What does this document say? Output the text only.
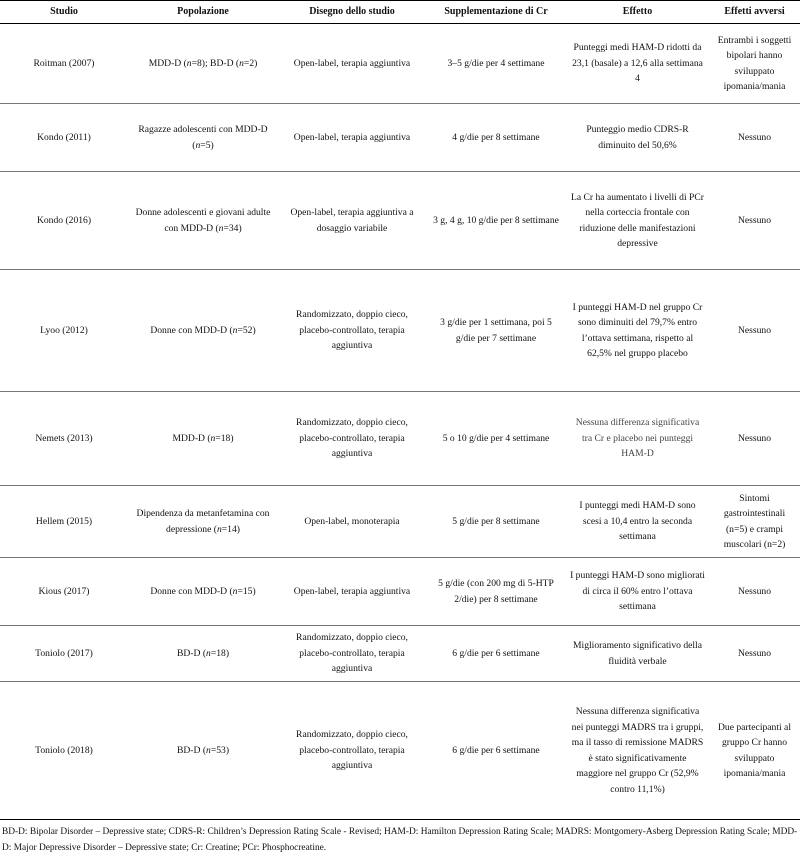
Studio	Popolazione	Disegno dello studio	Supplementazione di Cr	Effetto	Effetti avversi
Roitman (2007)	MDD-D (n=8); BD-D (n=2)	Open-label, terapia aggiuntiva	3–5 g/die per 4 settimane	Punteggi medi HAM-D ridotti da 23,1 (basale) a 12,6 alla settimana 4	Entrambi i soggetti bipolari hanno sviluppato ipomania/mania
Kondo (2011)	Ragazze adolescenti con MDD-D (n=5)	Open-label, terapia aggiuntiva	4 g/die per 8 settimane	Punteggio medio CDRS-R diminuito del 50,6%	Nessuno
Kondo (2016)	Donne adolescenti e giovani adulte con MDD-D (n=34)	Open-label, terapia aggiuntiva a dosaggio variabile	3 g, 4 g, 10 g/die per 8 settimane	La Cr ha aumentato i livelli di PCr nella corteccia frontale con riduzione delle manifestazioni depressive	Nessuno
Lyoo (2012)	Donne con MDD-D (n=52)	Randomizzato, doppio cieco, placebo-controllato, terapia aggiuntiva	3 g/die per 1 settimana, poi 5 g/die per 7 settimane	I punteggi HAM-D nel gruppo Cr sono diminuiti del 79,7% entro l’ottava settimana, rispetto al 62,5% nel gruppo placebo	Nessuno
Nemets (2013)	MDD-D (n=18)	Randomizzato, doppio cieco, placebo-controllato, terapia aggiuntiva	5 o 10 g/die per 4 settimane	Nessuna differenza significativa tra Cr e placebo nei punteggi HAM-D	Nessuno
Hellem (2015)	Dipendenza da metanfetamina con depressione (n=14)	Open-label, monoterapia	5 g/die per 8 settimane	I punteggi medi HAM-D sono scesi a 10,4 entro la seconda settimana	Sintomi gastrointestinali (n=5) e crampi muscolari (n=2)
Kious (2017)	Donne con MDD-D (n=15)	Open-label, terapia aggiuntiva	5 g/die (con 200 mg di 5-HTP 2/die) per 8 settimane	I punteggi HAM-D sono migliorati di circa il 60% entro l’ottava settimana	Nessuno
Toniolo (2017)	BD-D (n=18)	Randomizzato, doppio cieco, placebo-controllato, terapia aggiuntiva	6 g/die per 6 settimane	Miglioramento significativo della fluidità verbale	Nessuno
Toniolo (2018)	BD-D (n=53)	Randomizzato, doppio cieco, placebo-controllato, terapia aggiuntiva	6 g/die per 6 settimane	Nessuna differenza significativa nei punteggi MADRS tra i gruppi, ma il tasso di remissione MADRS è stato significativamente maggiore nel gruppo Cr (52,9% contro 11,1%)	Due partecipanti al gruppo Cr hanno sviluppato ipomania/mania
BD-D: Bipolar Disorder – Depressive state; CDRS-R: Children’s Depression Rating Scale - Revised; HAM-D: Hamilton Depression Rating Scale; MADRS: Montgomery-Asberg Depression Rating Scale; MDD-D: Major Depressive Disorder – Depressive state; Cr: Creatine; PCr: Phosphocreatine.
